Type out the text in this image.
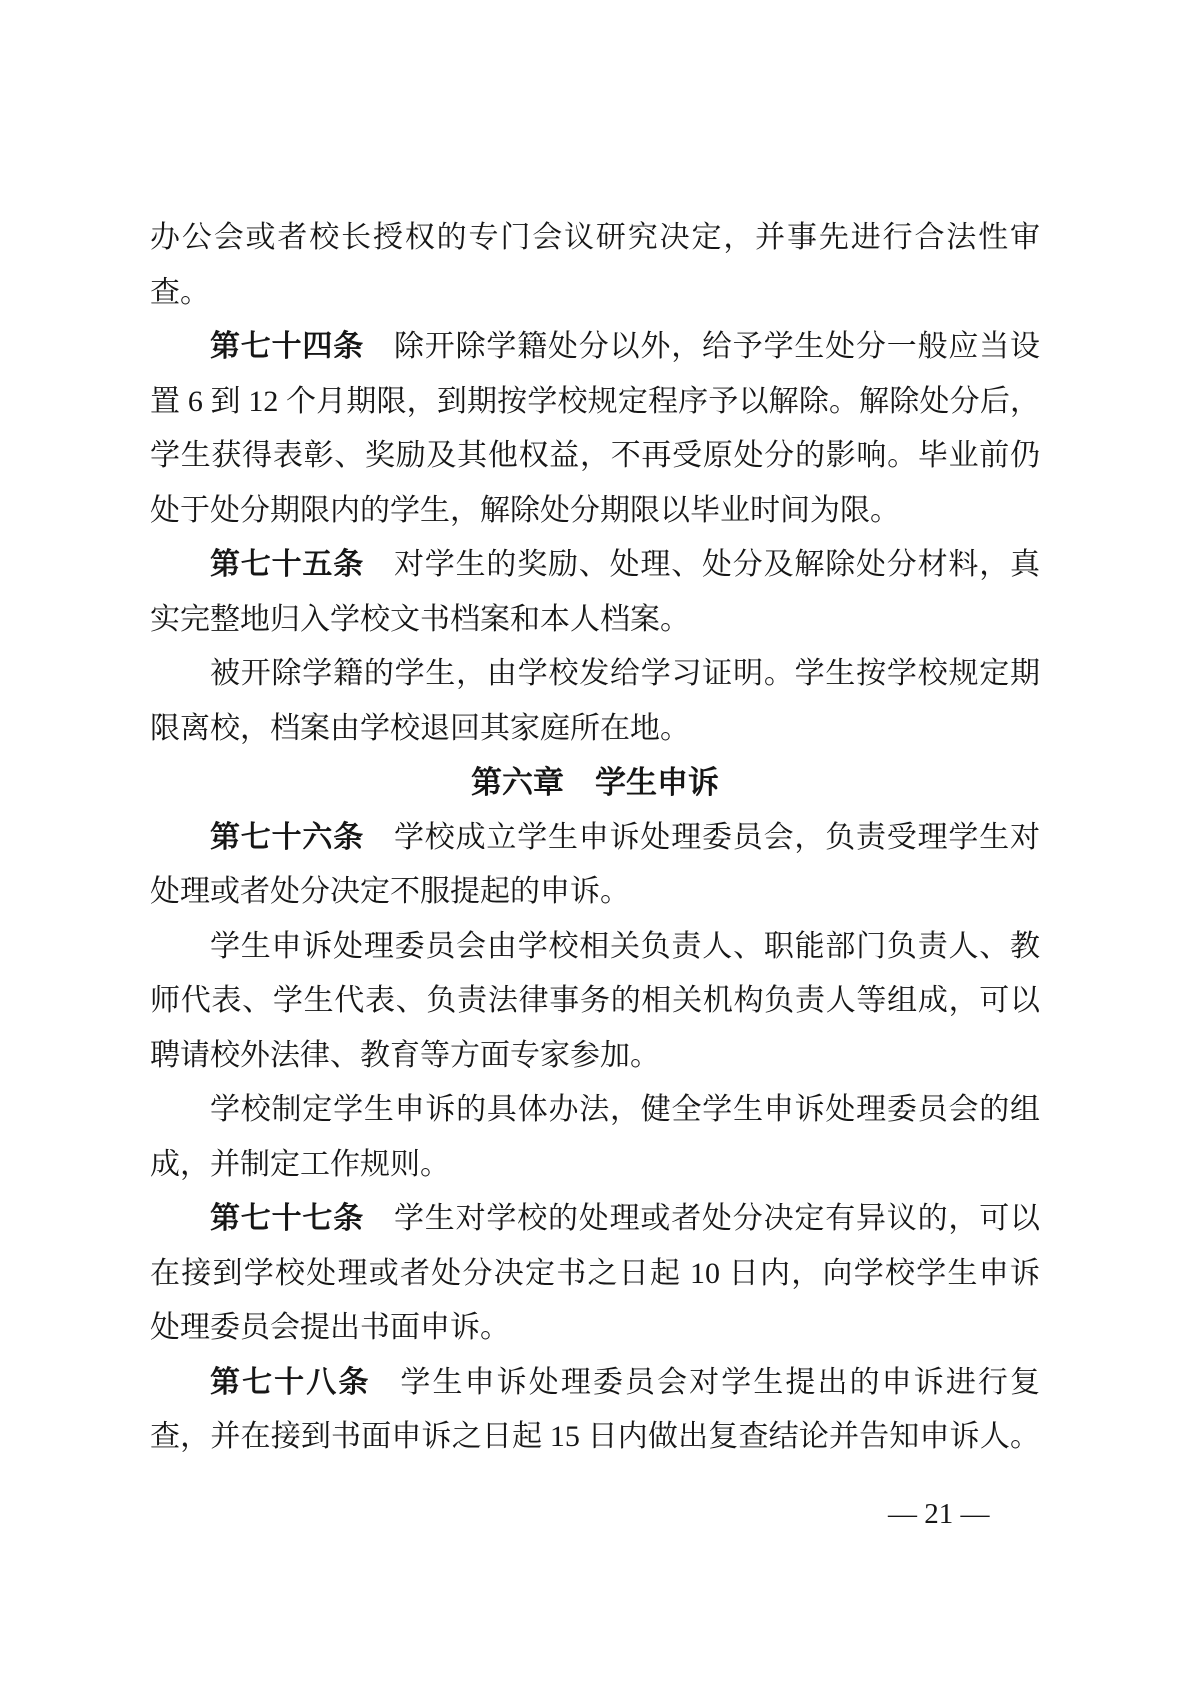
办公会或者校长授权的专门会议研究决定，并事先进行合法性审
查。
第七十四条 除开除学籍处分以外，给予学生处分一般应当设
置 6 到 12 个月期限，到期按学校规定程序予以解除。解除处分后，
学生获得表彰、奖励及其他权益，不再受原处分的影响。毕业前仍
处于处分期限内的学生，解除处分期限以毕业时间为限。
第七十五条 对学生的奖励、处理、处分及解除处分材料，真
实完整地归入学校文书档案和本人档案。
被开除学籍的学生，由学校发给学习证明。学生按学校规定期
限离校，档案由学校退回其家庭所在地。
第六章 学生申诉
第七十六条 学校成立学生申诉处理委员会，负责受理学生对
处理或者处分决定不服提起的申诉。
学生申诉处理委员会由学校相关负责人、职能部门负责人、教
师代表、学生代表、负责法律事务的相关机构负责人等组成，可以
聘请校外法律、教育等方面专家参加。
学校制定学生申诉的具体办法，健全学生申诉处理委员会的组
成，并制定工作规则。
第七十七条 学生对学校的处理或者处分决定有异议的，可以
在接到学校处理或者处分决定书之日起 10 日内，向学校学生申诉
处理委员会提出书面申诉。
第七十八条 学生申诉处理委员会对学生提出的申诉进行复
查，并在接到书面申诉之日起 15 日内做出复查结论并告知申诉人。
— 21 —
